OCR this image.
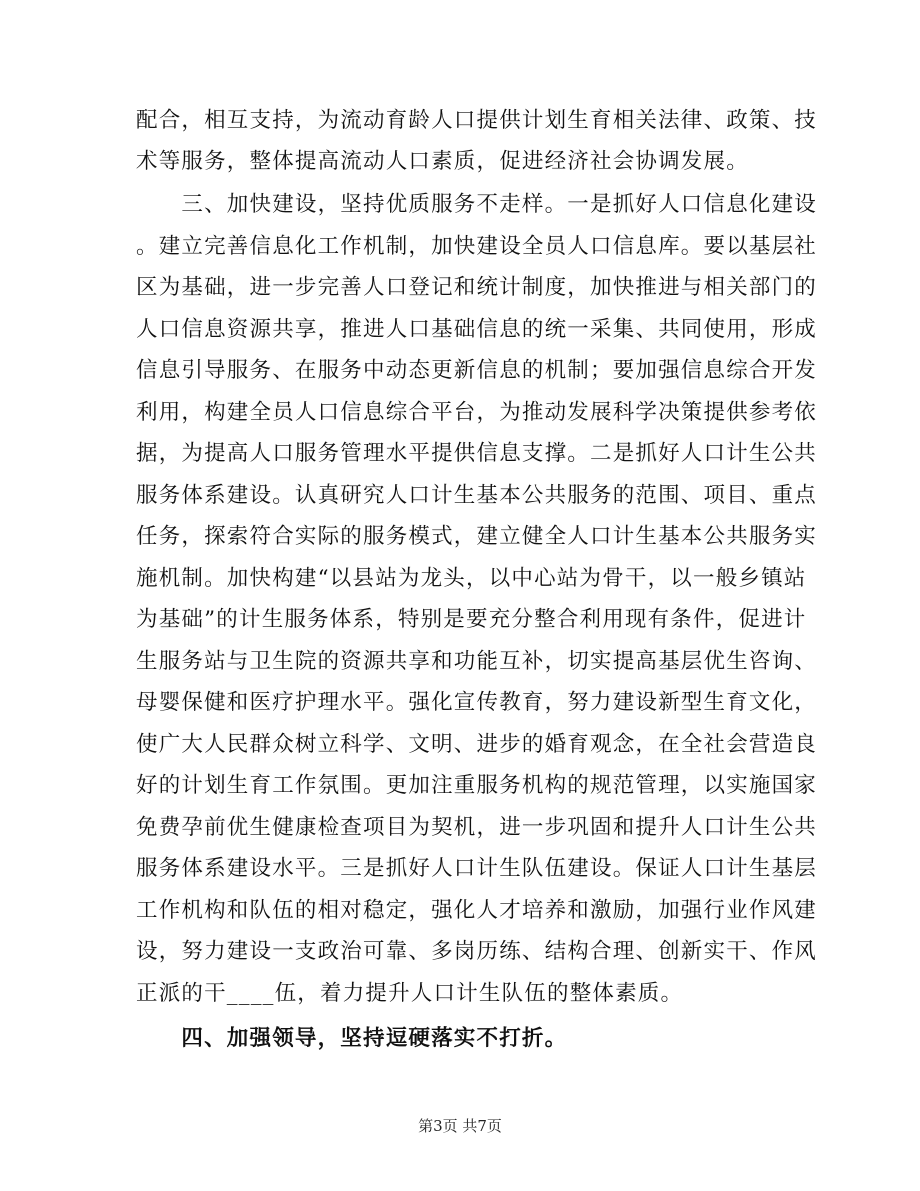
配合，相互支持，为流动育龄人口提供计划生育相关法律、政策、技
术等服务，整体提高流动人口素质，促进经济社会协调发展。
　　三、加快建设，坚持优质服务不走样。一是抓好人口信息化建设
。建立完善信息化工作机制，加快建设全员人口信息库。要以基层社
区为基础，进一步完善人口登记和统计制度，加快推进与相关部门的
人口信息资源共享，推进人口基础信息的统一采集、共同使用，形成
信息引导服务、在服务中动态更新信息的机制；要加强信息综合开发
利用，构建全员人口信息综合平台，为推动发展科学决策提供参考依
据，为提高人口服务管理水平提供信息支撑。二是抓好人口计生公共
服务体系建设。认真研究人口计生基本公共服务的范围、项目、重点
任务，探索符合实际的服务模式，建立健全人口计生基本公共服务实
施机制。加快构建“以县站为龙头，以中心站为骨干，以一般乡镇站
为基础”的计生服务体系，特别是要充分整合利用现有条件，促进计
生服务站与卫生院的资源共享和功能互补，切实提高基层优生咨询、
母婴保健和医疗护理水平。强化宣传教育，努力建设新型生育文化，
使广大人民群众树立科学、文明、进步的婚育观念，在全社会营造良
好的计划生育工作氛围。更加注重服务机构的规范管理，以实施国家
免费孕前优生健康检查项目为契机，进一步巩固和提升人口计生公共
服务体系建设水平。三是抓好人口计生队伍建设。保证人口计生基层
工作机构和队伍的相对稳定，强化人才培养和激励，加强行业作风建
设，努力建设一支政治可靠、多岗历练、结构合理、创新实干、作风
正派的干____伍，着力提升人口计生队伍的整体素质。
　　四、加强领导，坚持逗硬落实不打折。
第3页 共7页
